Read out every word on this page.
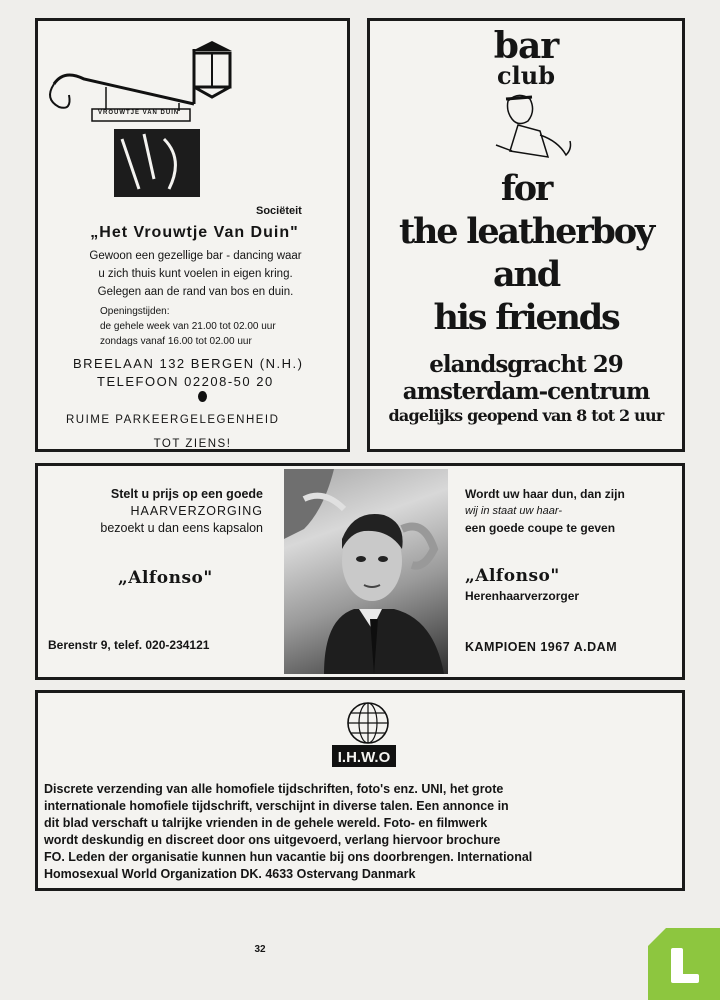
VROUWTJE VAN DUIN
Sociëteit
„Het Vrouwtje Van Duin"
Gewoon een gezellige bar - dancing waar
u zich thuis kunt voelen in eigen kring.
Gelegen aan de rand van bos en duin.
Openingstijden:
de gehele week van 21.00 tot 02.00 uur
zondags vanaf 16.00 tot 02.00 uur
BREELAAN 132 BERGEN (N.H.)
TELEFOON 02208-50 20
RUIME PARKEERGELEGENHEID
TOT ZIENS!
bar
club
for
the leatherboy
and
his friends
elandsgracht 29
amsterdam-centrum
dagelijks geopend van 8 tot 2 uur
Stelt u prijs op een goede
HAARVERZORGING
bezoekt u dan eens kapsalon
„Alfonso"
Berenstr 9, telef. 020-234121
Wordt uw haar dun, dan zijn
wij in staat uw haar-
een goede coupe te geven
„Alfonso"
Herenhaarverzorger
KAMPIOEN 1967 A.DAM
I.H.W.O
Discrete verzending van alle homofiele tijdschriften, foto's enz. UNI, het grote
internationale homofiele tijdschrift, verschijnt in diverse talen. Een annonce in
dit blad verschaft u talrijke vrienden in de gehele wereld. Foto- en filmwerk
wordt deskundig en discreet door ons uitgevoerd, verlang hiervoor brochure
FO. Leden der organisatie kunnen hun vacantie bij ons doorbrengen. International
Homosexual World Organization DK. 4633 Ostervang Danmark
32
